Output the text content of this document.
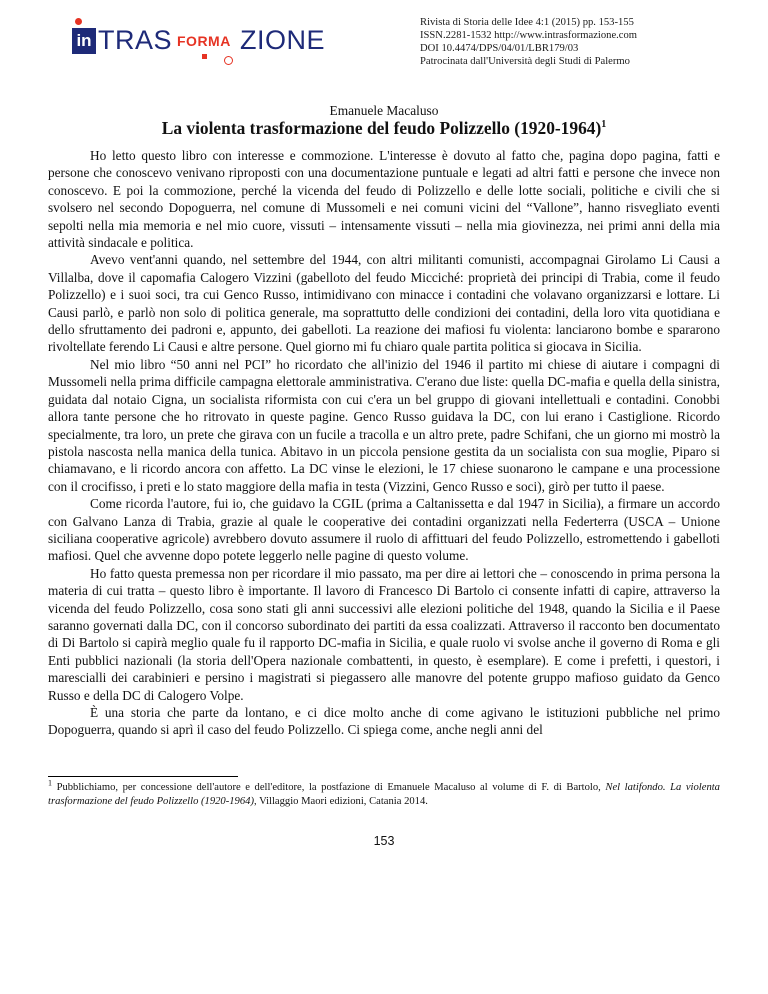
Rivista di Storia delle Idee 4:1 (2015) pp. 153-155
ISSN.2281-1532 http://www.intrasformazione.com
DOI 10.4474/DPS/04/01/LBR179/03
Patrocinata dall'Università degli Studi di Palermo
in TRAS FORMA ZIONE
Emanuele Macaluso
La violenta trasformazione del feudo Polizzello (1920-1964)$^1$

Ho letto questo libro con interesse e commozione. L'interesse è dovuto al fatto che, pagina dopo pagina, fatti e persone che conoscevo venivano riproposti con una documentazione puntuale e legati ad altri fatti e persone che invece non conoscevo. E poi la commozione, perché la vicenda del feudo di Polizzello e delle lotte sociali, politiche e civili che si svolsero nel secondo Dopoguerra, nel comune di Mussomeli e nei comuni vicini del “Vallone”, hanno risvegliato eventi sepolti nella mia memoria e nel mio cuore, vissuti – intensamente vissuti – nella mia giovinezza, nei primi anni della mia attività sindacale e politica.

Avevo vent'anni quando, nel settembre del 1944, con altri militanti comunisti, accompagnai Girolamo Li Causi a Villalba, dove il capomafia Calogero Vizzini (gabelloto del feudo Micciché: proprietà dei principi di Trabia, come il feudo Polizzello) e i suoi soci, tra cui Genco Russo, intimidivano con minacce i contadini che volavano organizzarsi e lottare. Li Causi parlò, e parlò non solo di politica generale, ma soprattutto delle condizioni dei contadini, della loro vita quotidiana e dello sfruttamento dei padroni e, appunto, dei gabelloti. La reazione dei mafiosi fu violenta: lanciarono bombe e spararono rivoltellate ferendo Li Causi e altre persone. Quel giorno mi fu chiaro quale partita politica si giocava in Sicilia.

Nel mio libro “50 anni nel PCI” ho ricordato che all'inizio del 1946 il partito mi chiese di aiutare i compagni di Mussomeli nella prima difficile campagna elettorale amministrativa. C'erano due liste: quella DC-mafia e quella della sinistra, guidata dal notaio Cigna, un socialista riformista con cui c'era un bel gruppo di giovani intellettuali e contadini. Conobbi allora tante persone che ho ritrovato in queste pagine. Genco Russo guidava la DC, con lui erano i Castiglione. Ricordo specialmente, tra loro, un prete che girava con un fucile a tracolla e un altro prete, padre Schifani, che un giorno mi mostrò la pistola nascosta nella manica della tunica. Abitavo in un piccola pensione gestita da un socialista con sua moglie, Piparo si chiamavano, e li ricordo ancora con affetto. La DC vinse le elezioni, le 17 chiese suonarono le campane e una processione con il crocifisso, i preti e lo stato maggiore della mafia in testa (Vizzini, Genco Russo e soci), girò per tutto il paese.

Come ricorda l'autore, fui io, che guidavo la CGIL (prima a Caltanissetta e dal 1947 in Sicilia), a firmare un accordo con Galvano Lanza di Trabia, grazie al quale le cooperative dei contadini organizzati nella Federterra (USCA – Unione siciliana cooperative agricole) avrebbero dovuto assumere il ruolo di affittuari del feudo Polizzello, estromettendo i gabelloti mafiosi. Quel che avvenne dopo potete leggerlo nelle pagine di questo volume.

Ho fatto questa premessa non per ricordare il mio passato, ma per dire ai lettori che – conoscendo in prima persona la materia di cui tratta – questo libro è importante. Il lavoro di Francesco Di Bartolo ci consente infatti di capire, attraverso la vicenda del feudo Polizzello, cosa sono stati gli anni successivi alle elezioni politiche del 1948, quando la Sicilia e il Paese saranno governati dalla DC, con il concorso subordinato dei partiti da essa coalizzati. Attraverso il racconto ben documentato di Di Bartolo si capirà meglio quale fu il rapporto DC-mafia in Sicilia, e quale ruolo vi svolse anche il governo di Roma e gli Enti pubblici nazionali (la storia dell'Opera nazionale combattenti, in questo, è esemplare). E come i prefetti, i questori, i marescialli dei carabinieri e persino i magistrati si piegassero alle manovre del potente gruppo mafioso guidato da Genco Russo e della DC di Calogero Volpe.

È una storia che parte da lontano, e ci dice molto anche di come agivano le istituzioni pubbliche nel primo Dopoguerra, quando si aprì il caso del feudo Polizzello. Ci spiega come, anche negli anni del

$^1$ Pubblichiamo, per concessione dell'autore e dell'editore, la postfazione di Emanuele Macaluso al volume di F. di Bartolo, Nel latifondo. La violenta trasformazione del feudo Polizzello (1920-1964), Villaggio Maori edizioni, Catania 2014.
153
